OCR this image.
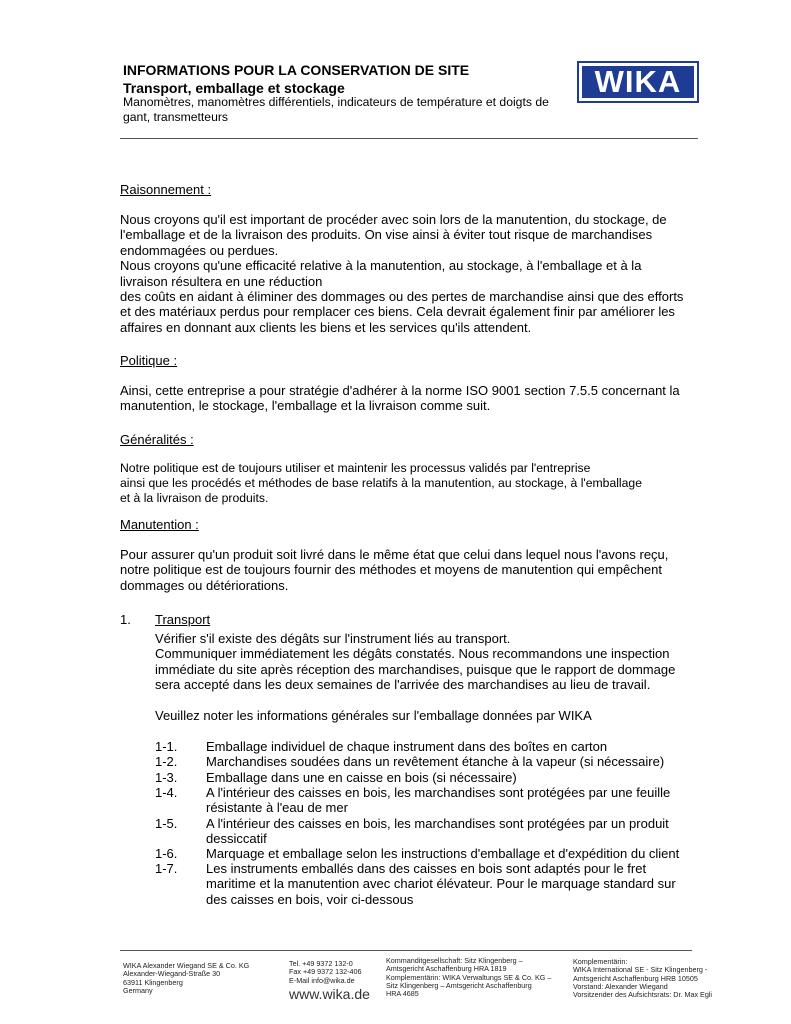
INFORMATIONS POUR LA CONSERVATION DE SITE
Transport, emballage et stockage
Manomètres, manomètres différentiels, indicateurs de température et doigts de gant, transmetteurs
WIKA
Raisonnement :
Nous croyons qu'il est important de procéder avec soin lors de la manutention, du stockage, de
l'emballage et de la livraison des produits. On vise ainsi à éviter tout risque de marchandises
endommagées ou perdues.
Nous croyons qu'une efficacité relative à la manutention, au stockage, à l'emballage et à la
livraison résultera en une réduction
des coûts en aidant à éliminer des dommages ou des pertes de marchandise ainsi que des efforts
et des matériaux perdus pour remplacer ces biens. Cela devrait également finir par améliorer les
affaires en donnant aux clients les biens et les services qu'ils attendent.
Politique :
Ainsi, cette entreprise a pour stratégie d'adhérer à la norme ISO 9001 section 7.5.5 concernant la
manutention, le stockage, l'emballage et la livraison comme suit.
Généralités :
Notre politique est de toujours utiliser et maintenir les processus validés par l'entreprise
ainsi que les procédés et méthodes de base relatifs à la manutention, au stockage, à l'emballage
et à la livraison de produits.
Manutention :
Pour assurer qu'un produit soit livré dans le même état que celui dans lequel nous l'avons reçu,
notre politique est de toujours fournir des méthodes et moyens de manutention qui empêchent
dommages ou détériorations.
1. Transport
Vérifier s'il existe des dégâts sur l'instrument liés au transport.
Communiquer immédiatement les dégâts constatés. Nous recommandons une inspection
immédiate du site après réception des marchandises, puisque que le rapport de dommage
sera accepté dans les deux semaines de l'arrivée des marchandises au lieu de travail.
Veuillez noter les informations générales sur l'emballage données par WIKA
1-1. Emballage individuel de chaque instrument dans des boîtes en carton
1-2. Marchandises soudées dans un revêtement étanche à la vapeur (si nécessaire)
1-3. Emballage dans une en caisse en bois (si nécessaire)
1-4. A l'intérieur des caisses en bois, les marchandises sont protégées par une feuille
résistante à l'eau de mer
1-5. A l'intérieur des caisses en bois, les marchandises sont protégées par un produit
dessiccatif
1-6. Marquage et emballage selon les instructions d'emballage et d'expédition du client
1-7. Les instruments emballés dans des caisses en bois sont adaptés pour le fret
maritime et la manutention avec chariot élévateur. Pour le marquage standard sur
des caisses en bois, voir ci-dessous
WIKA Alexander Wiegand SE & Co. KG
Alexander-Wiegand-Straße 30
63911 Klingenberg
Germany
Tel. +49 9372 132-0
Fax +49 9372 132-406
E-Mail info@wika.de
www.wika.de
Kommanditgesellschaft: Sitz Klingenberg –
Amtsgericht Aschaffenburg HRA 1819
Komplementärin: WIKA Verwaltungs SE & Co. KG –
Sitz Klingenberg – Amtsgericht Aschaffenburg
HRA 4685
Komplementärin:
WIKA International SE - Sitz Klingenberg -
Amtsgericht Aschaffenburg HRB 10505
Vorstand: Alexander Wiegand
Vorsitzender des Aufsichtsrats: Dr. Max Egli
